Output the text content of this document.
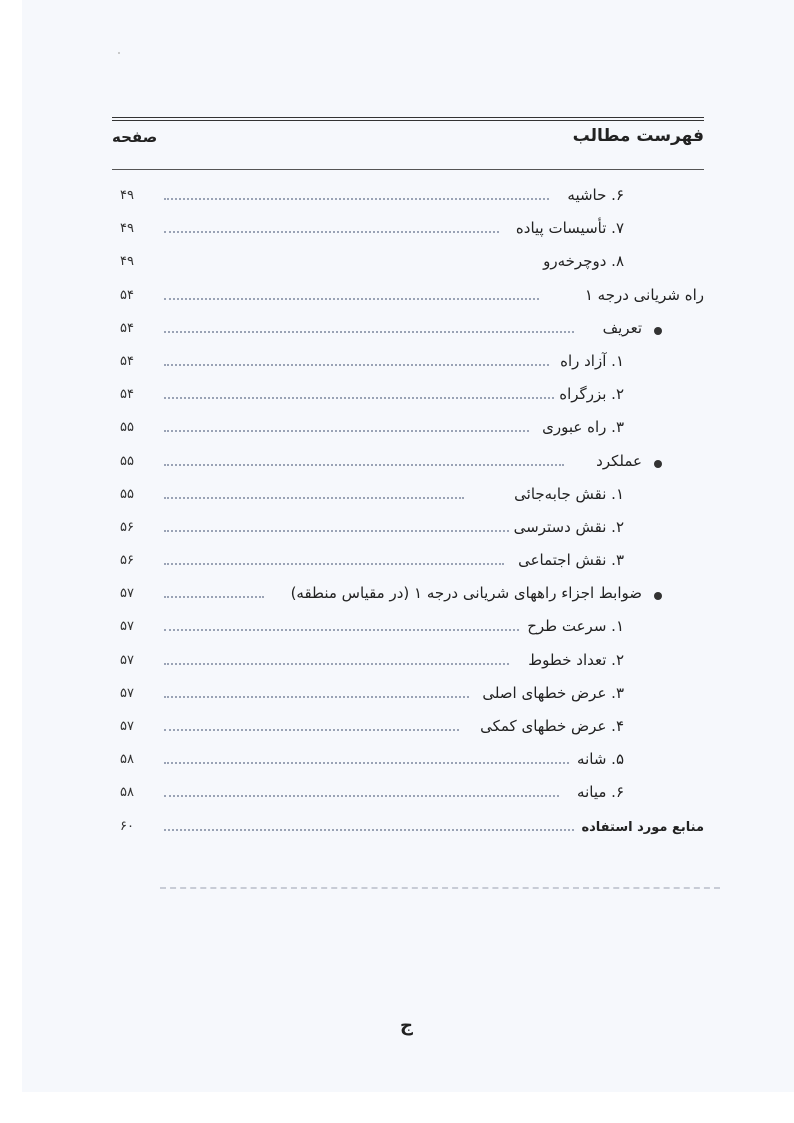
فهرست مطالب
صفحه
۶. حاشیه
۴۹
۷. تأسیسات پیاده
۴۹
۸. دوچرخه‌رو
۴۹
راه شریانی درجه ۱
۵۴
تعریف
۵۴
۱. آزاد راه
۵۴
۲. بزرگراه
۵۴
۳. راه عبوری
۵۵
عملکرد
۵۵
۱. نقش جابه‌جائی
۵۵
۲. نقش دسترسی
۵۶
۳. نقش اجتماعی
۵۶
ضوابط اجزاء راههای شریانی درجه ۱ (در مقیاس منطقه)
۵۷
۱. سرعت طرح
۵۷
۲. تعداد خطوط
۵۷
۳. عرض خطهای اصلی
۵۷
۴. عرض خطهای کمکی
۵۷
۵. شانه
۵۸
۶. میانه
۵۸
منابع مورد استفاده
۶۰
ج
